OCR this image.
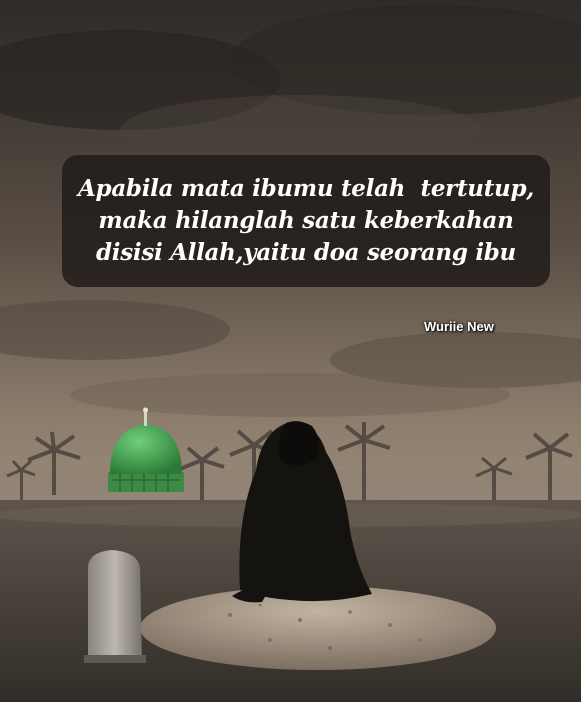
Apabila mata ibumu telah  tertutup,
maka hilanglah satu keberkahan
disisi Allah,yaitu doa seorang ibu
Wuriie New
